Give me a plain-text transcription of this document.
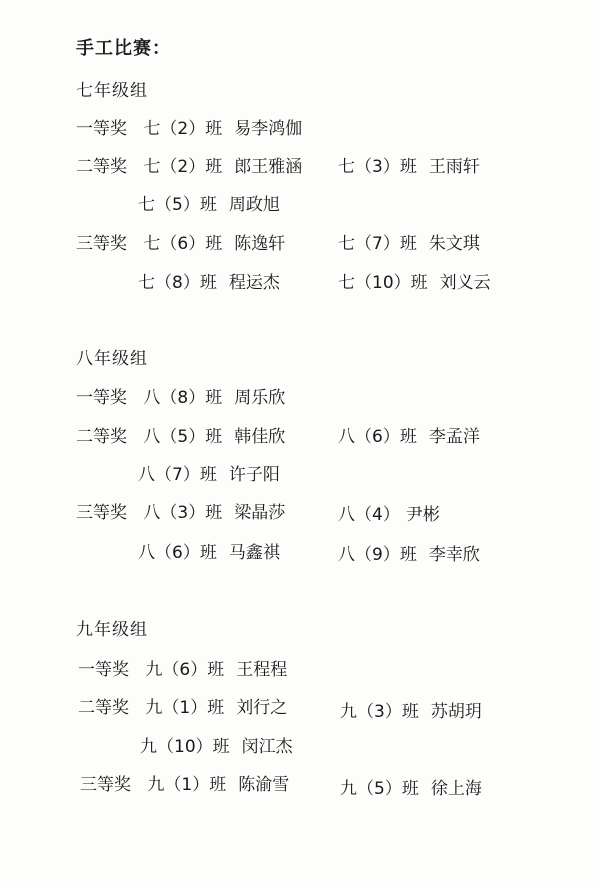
手工比赛：
七年级组
一等奖 七（2）班 易李鸿伽
二等奖 七（2）班 郎王雅涵 七（3）班 王雨轩
七（5）班 周政旭
三等奖 七（6）班 陈逸轩	七（7）班 朱文琪
七（8）班 程运杰	七（10）班 刘义云
八年级组
一等奖 八（8）班 周乐欣
二等奖 八（5）班 韩佳欣	八（6）班 李孟洋
八（7）班 许子阳
三等奖 八（3）班 梁晶莎	八（4） 尹彬
八（6）班 马鑫祺	八（9）班 李幸欣
九年级组
一等奖 九（6）班 王程程
二等奖 九（1）班 刘行之	九（3）班 苏胡玥
九（10）班 闵江杰
三等奖 九（1）班 陈渝雪	九（5）班 徐上海
